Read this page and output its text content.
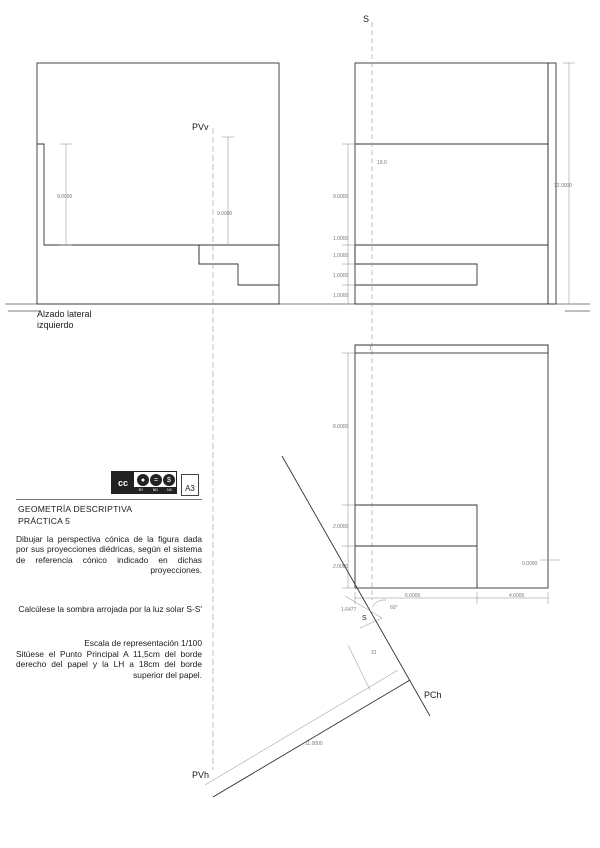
9.0000
9.0000
19.0
9.0000
1.0000
1.0000
1.0000
1.0000
12.0000
1
8.0000
2.0000
2.0000	0.0000
6.0000	4.0000
1.6477	60°
31
11.0000
S
PVv
PVh
PCh
S
Alzado lateral
izquierdo
cc	●	=	$
BY	ND	NC	A3
GEOMETRÍA DESCRIPTIVA
PRÁCTICA 5
Dibujar la perspectiva cónica de la figura dada por sus proyecciones diédricas, según el sistema de referencia cónico indicado en dichas proyecciones.
Calcúlese la sombra arrojada por la luz solar S-S'
Escala de representación 1/100
Sitúese el Punto Principal A 11,5cm del borde derecho del papel y la LH a 18cm del borde superior del papel.
